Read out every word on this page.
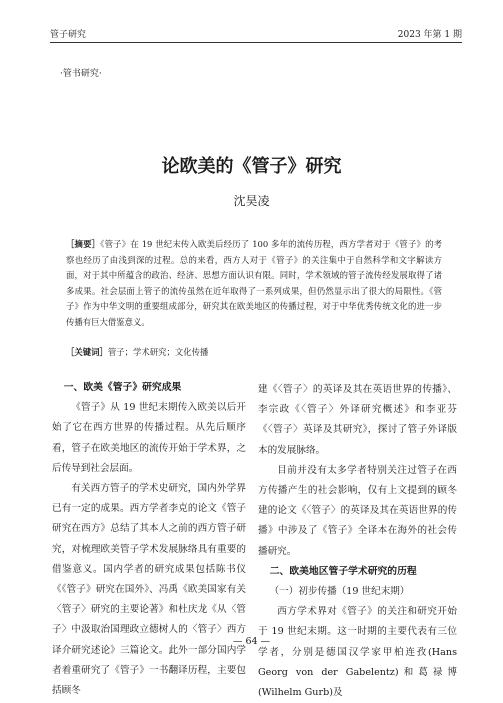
管子研究	2023 年第 1 期
·管书研究·
论欧美的《管子》研究
沈昊凌
［摘要］《管子》在 19 世纪末传入欧美后经历了 100 多年的流传历程，西方学者对于《管子》的考察也经历了由浅到深的过程。总的来看，西方人对于《管子》的关注集中于自然科学和文字解读方面，对于其中所蕴含的政治、经济、思想方面认识有限。同时，学术领域的管子流传经发展取得了诸多成果。社会层面上管子的流传虽然在近年取得了一系列成果，但仍然显示出了很大的局限性。《管子》作为中华文明的重要组成部分，研究其在欧美地区的传播过程，对于中华优秀传统文化的进一步传播有巨大借鉴意义。
［关键词］管子；学术研究；文化传播
一、欧美《管子》研究成果

《管子》从 19 世纪末期传入欧美以后开始了它在西方世界的传播过程。从先后顺序看，管子在欧美地区的流传开始于学术界，之后传导到社会层面。

有关西方管子的学术史研究，国内外学界已有一定的成果。西方学者李克的论文《管子研究在西方》总结了其本人之前的西方管子研究，对梳理欧美管子学术发展脉络具有重要的借鉴意义。国内学者的研究成果包括陈书仪《《管子》研究在国外》、冯禹《欧美国家有关〈管子〉研究的主要论著》和杜庆龙《从〈管子〉中汲取治国理政立德树人的〈管子〉西方译介研究述论》三篇论文。此外一部分国内学者着重研究了《管子》一书翻译历程，主要包括顾冬

建《〈管子〉的英译及其在英语世界的传播》、李宗政《〈管子〉外译研究概述》和李亚芬《〈管子〉英译及其研究》，探讨了管子外译版本的发展脉络。

目前并没有太多学者特别关注过管子在西方传播产生的社会影响，仅有上文提到的顾冬建的论文《〈管子〉的英译及其在英语世界的传播》中涉及了《管子》全译本在海外的社会传播研究。

二、欧美地区管子学术研究的历程
（一）初步传播（19 世纪末期）

西方学术界对《管子》的关注和研究开始于 19 世纪末期。这一时期的主要代表有三位学者，分别是德国汉学家甲柏连孜(Hans Georg von der Gabelentz)和葛禄博(Wilhelm Gurb)及

— 64 —
